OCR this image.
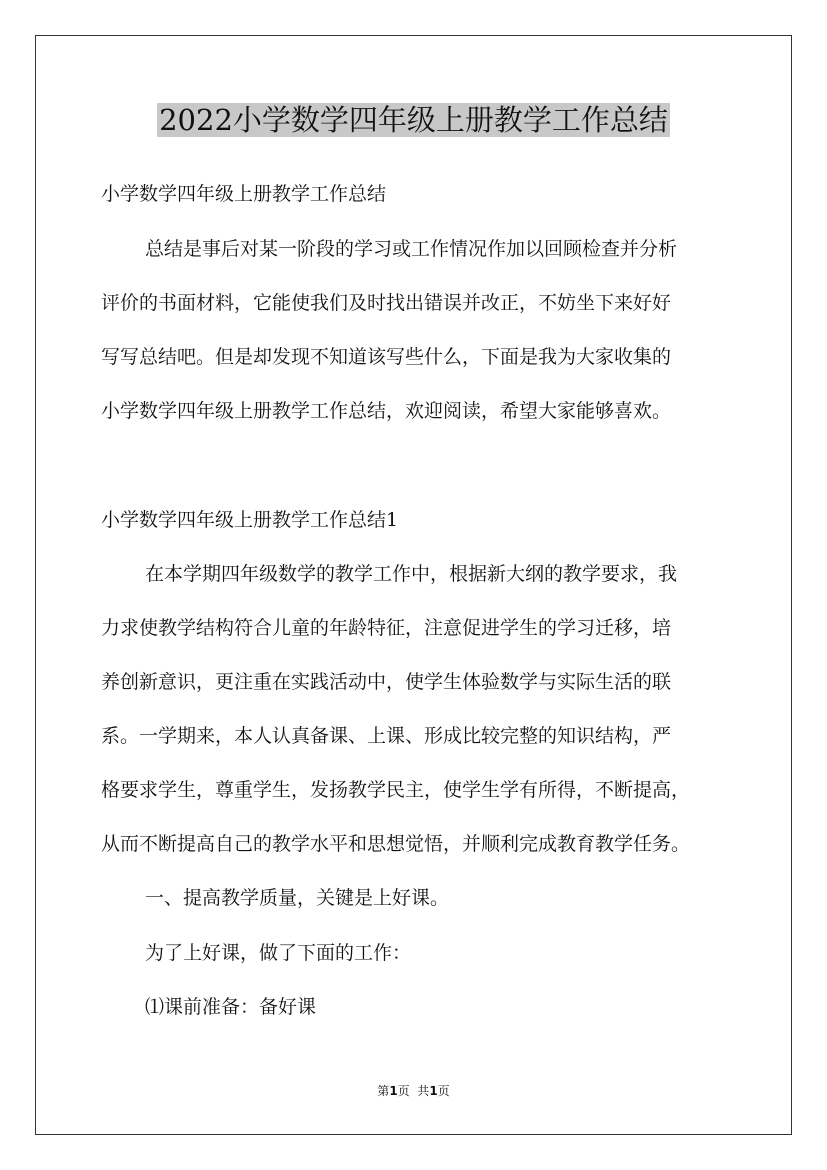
2022小学数学四年级上册教学工作总结

小学数学四年级上册教学工作总结

总结是事后对某一阶段的学习或工作情况作加以回顾检查并分析

评价的书面材料，它能使我们及时找出错误并改正，不妨坐下来好好

写写总结吧。但是却发现不知道该写些什么，下面是我为大家收集的

小学数学四年级上册教学工作总结，欢迎阅读，希望大家能够喜欢。

小学数学四年级上册教学工作总结1

在本学期四年级数学的教学工作中，根据新大纲的教学要求，我

力求使教学结构符合儿童的年龄特征，注意促进学生的学习迁移，培

养创新意识，更注重在实践活动中，使学生体验数学与实际生活的联

系。一学期来，本人认真备课、上课、形成比较完整的知识结构，严

格要求学生，尊重学生，发扬教学民主，使学生学有所得，不断提高，

从而不断提高自己的教学水平和思想觉悟，并顺利完成教育教学任务。

一、提高教学质量，关键是上好课。

为了上好课，做了下面的工作：

⑴课前准备：备好课

第1页  共1页
